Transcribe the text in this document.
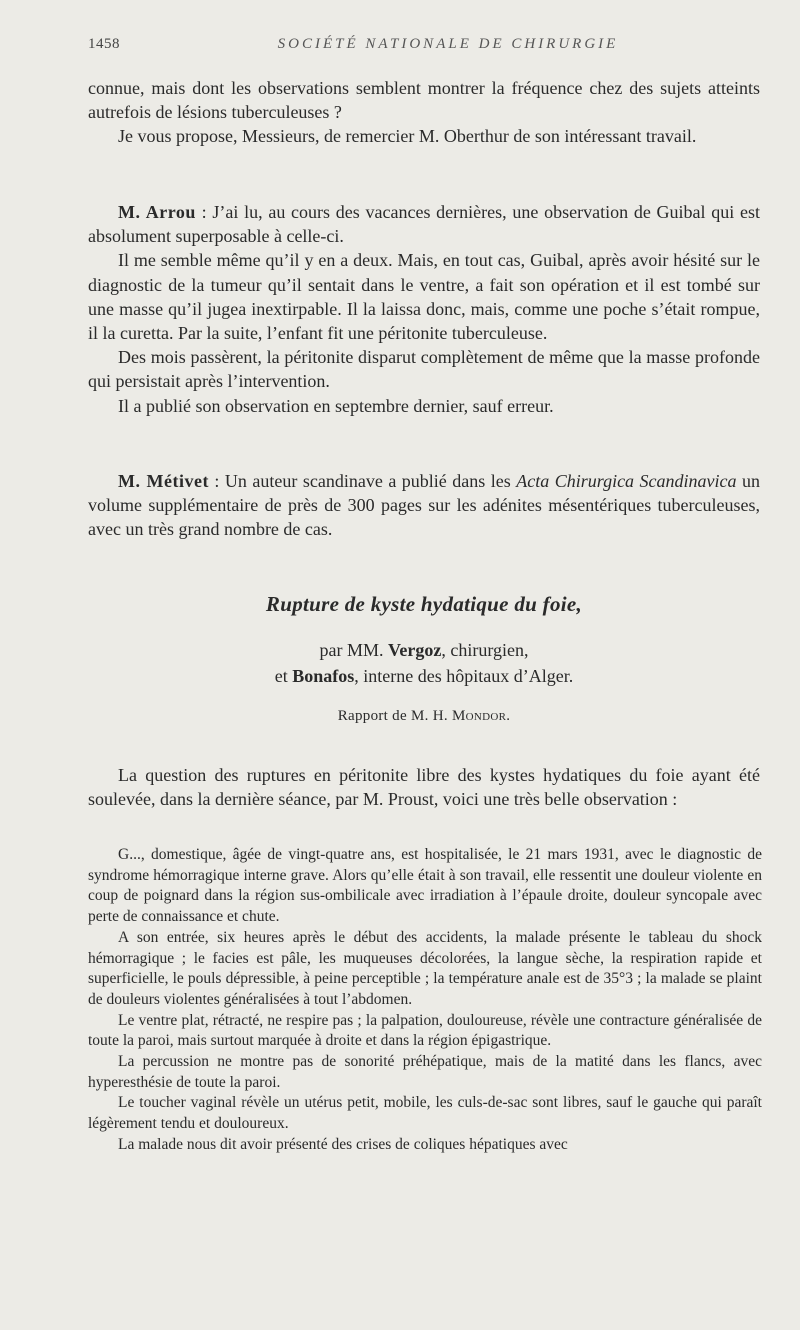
1458	SOCIÉTÉ NATIONALE DE CHIRURGIE

connue, mais dont les observations semblent montrer la fréquence chez des sujets atteints autrefois de lésions tuberculeuses ?

Je vous propose, Messieurs, de remercier M. Oberthur de son intéressant travail.

M. Arrou : J’ai lu, au cours des vacances dernières, une observation de Guibal qui est absolument superposable à celle-ci.

Il me semble même qu’il y en a deux. Mais, en tout cas, Guibal, après avoir hésité sur le diagnostic de la tumeur qu’il sentait dans le ventre, a fait son opération et il est tombé sur une masse qu’il jugea inextirpable. Il la laissa donc, mais, comme une poche s’était rompue, il la curetta. Par la suite, l’enfant fit une péritonite tuberculeuse.

Des mois passèrent, la péritonite disparut complètement de même que la masse profonde qui persistait après l’intervention.

Il a publié son observation en septembre dernier, sauf erreur.

M. Métivet : Un auteur scandinave a publié dans les Acta Chirurgica Scandinavica un volume supplémentaire de près de 300 pages sur les adénites mésentériques tuberculeuses, avec un très grand nombre de cas.

Rupture de kyste hydatique du foie,
par MM. Vergoz, chirurgien,
et Bonafos, interne des hôpitaux d’Alger.
Rapport de M. H. Mondor.

La question des ruptures en péritonite libre des kystes hydatiques du foie ayant été soulevée, dans la dernière séance, par M. Proust, voici une très belle observation :

G..., domestique, âgée de vingt-quatre ans, est hospitalisée, le 21 mars 1931, avec le diagnostic de syndrome hémorragique interne grave. Alors qu’elle était à son travail, elle ressentit une douleur violente en coup de poignard dans la région sus-ombilicale avec irradiation à l’épaule droite, douleur syncopale avec perte de connaissance et chute.

A son entrée, six heures après le début des accidents, la malade présente le tableau du shock hémorragique ; le facies est pâle, les muqueuses décolorées, la langue sèche, la respiration rapide et superficielle, le pouls dépressible, à peine perceptible ; la température anale est de 35°3 ; la malade se plaint de douleurs violentes généralisées à tout l’abdomen.

Le ventre plat, rétracté, ne respire pas ; la palpation, douloureuse, révèle une contracture généralisée de toute la paroi, mais surtout marquée à droite et dans la région épigastrique.

La percussion ne montre pas de sonorité préhépatique, mais de la matité dans les flancs, avec hyperesthésie de toute la paroi.

Le toucher vaginal révèle un utérus petit, mobile, les culs-de-sac sont libres, sauf le gauche qui paraît légèrement tendu et douloureux.

La malade nous dit avoir présenté des crises de coliques hépatiques avec
